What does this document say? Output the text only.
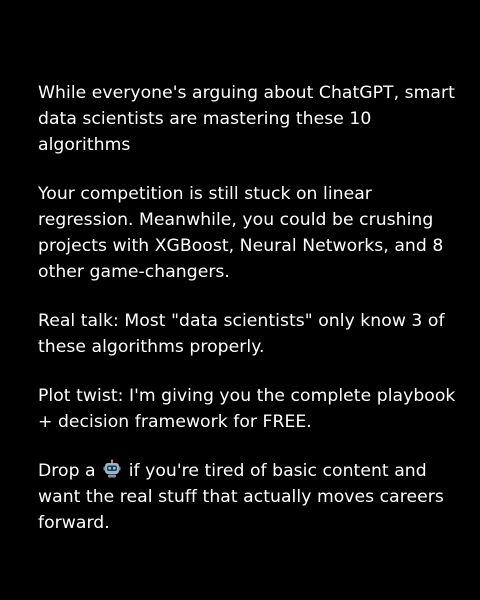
While everyone's arguing about ChatGPT, smart data scientists are mastering these 10 algorithms

Your competition is still stuck on linear regression. Meanwhile, you could be crushing projects with XGBoost, Neural Networks, and 8 other game-changers.

Real talk: Most "data scientists" only know 3 of these algorithms properly.

Plot twist: I'm giving you the complete playbook + decision framework for FREE.

Drop a if you're tired of basic content and want the real stuff that actually moves careers forward.
